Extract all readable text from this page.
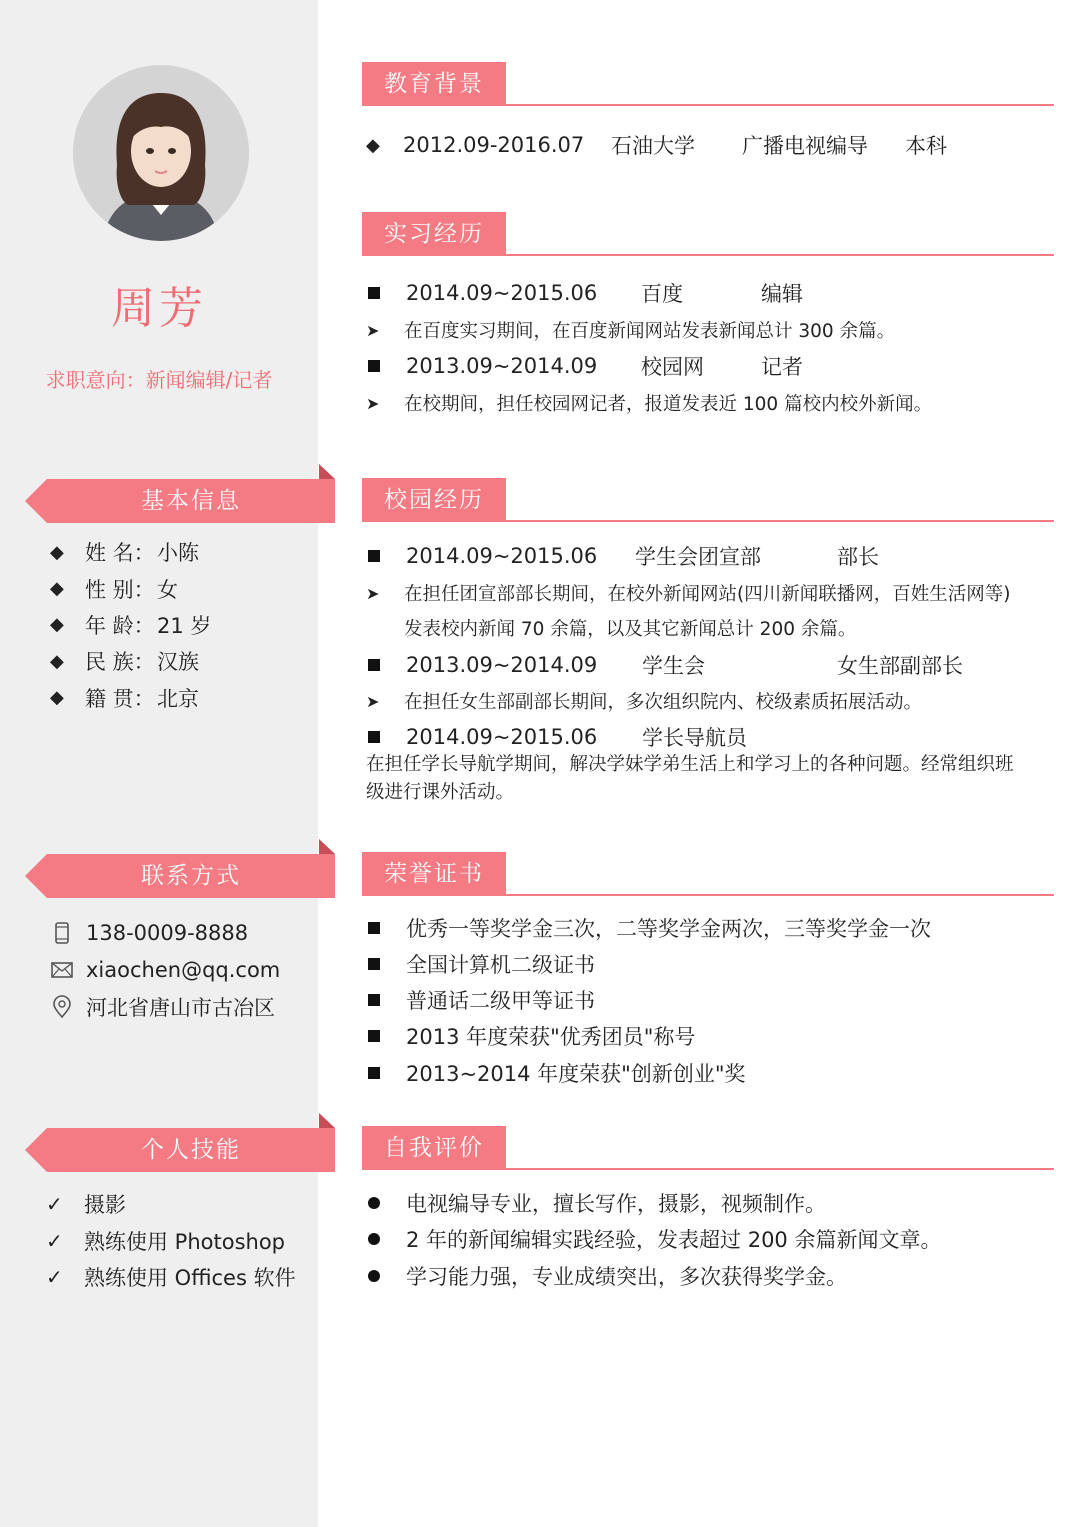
周芳
求职意向：新闻编辑/记者
基本信息
◆ 姓 名： 小陈
◆ 性 别： 女
◆ 年 龄： 21 岁
◆ 民 族： 汉族
◆ 籍 贯： 北京
联系方式
138-0009-8888
xiaochen@qq.com
河北省唐山市古冶区
个人技能
✓ 摄影
✓ 熟练使用 Photoshop
✓ 熟练使用 Offices 软件
教育背景
◆ 2012.09-2016.07	石油大学	广播电视编导	本科
实习经历
2014.09~2015.06	百度	编辑
➤	在百度实习期间，在百度新闻网站发表新闻总计 300 余篇。
2013.09~2014.09	校园网	记者
➤	在校期间，担任校园网记者，报道发表近 100 篇校内校外新闻。
校园经历
2014.09~2015.06	学生会团宣部	部长
➤	在担任团宣部部长期间，在校外新闻网站(四川新闻联播网，百姓生活网等)
发表校内新闻 70 余篇，以及其它新闻总计 200 余篇。
2013.09~2014.09	学生会	女生部副部长
➤	在担任女生部副部长期间，多次组织院内、校级素质拓展活动。
2014.09~2015.06	学长导航员
在担任学长导航学期间，解决学妹学弟生活上和学习上的各种问题。经常组织班
级进行课外活动。
荣誉证书
优秀一等奖学金三次，二等奖学金两次，三等奖学金一次
全国计算机二级证书
普通话二级甲等证书
2013 年度荣获"优秀团员"称号
2013~2014 年度荣获"创新创业"奖
自我评价
电视编导专业，擅长写作，摄影，视频制作。
2 年的新闻编辑实践经验，发表超过 200 余篇新闻文章。
学习能力强，专业成绩突出，多次获得奖学金。
